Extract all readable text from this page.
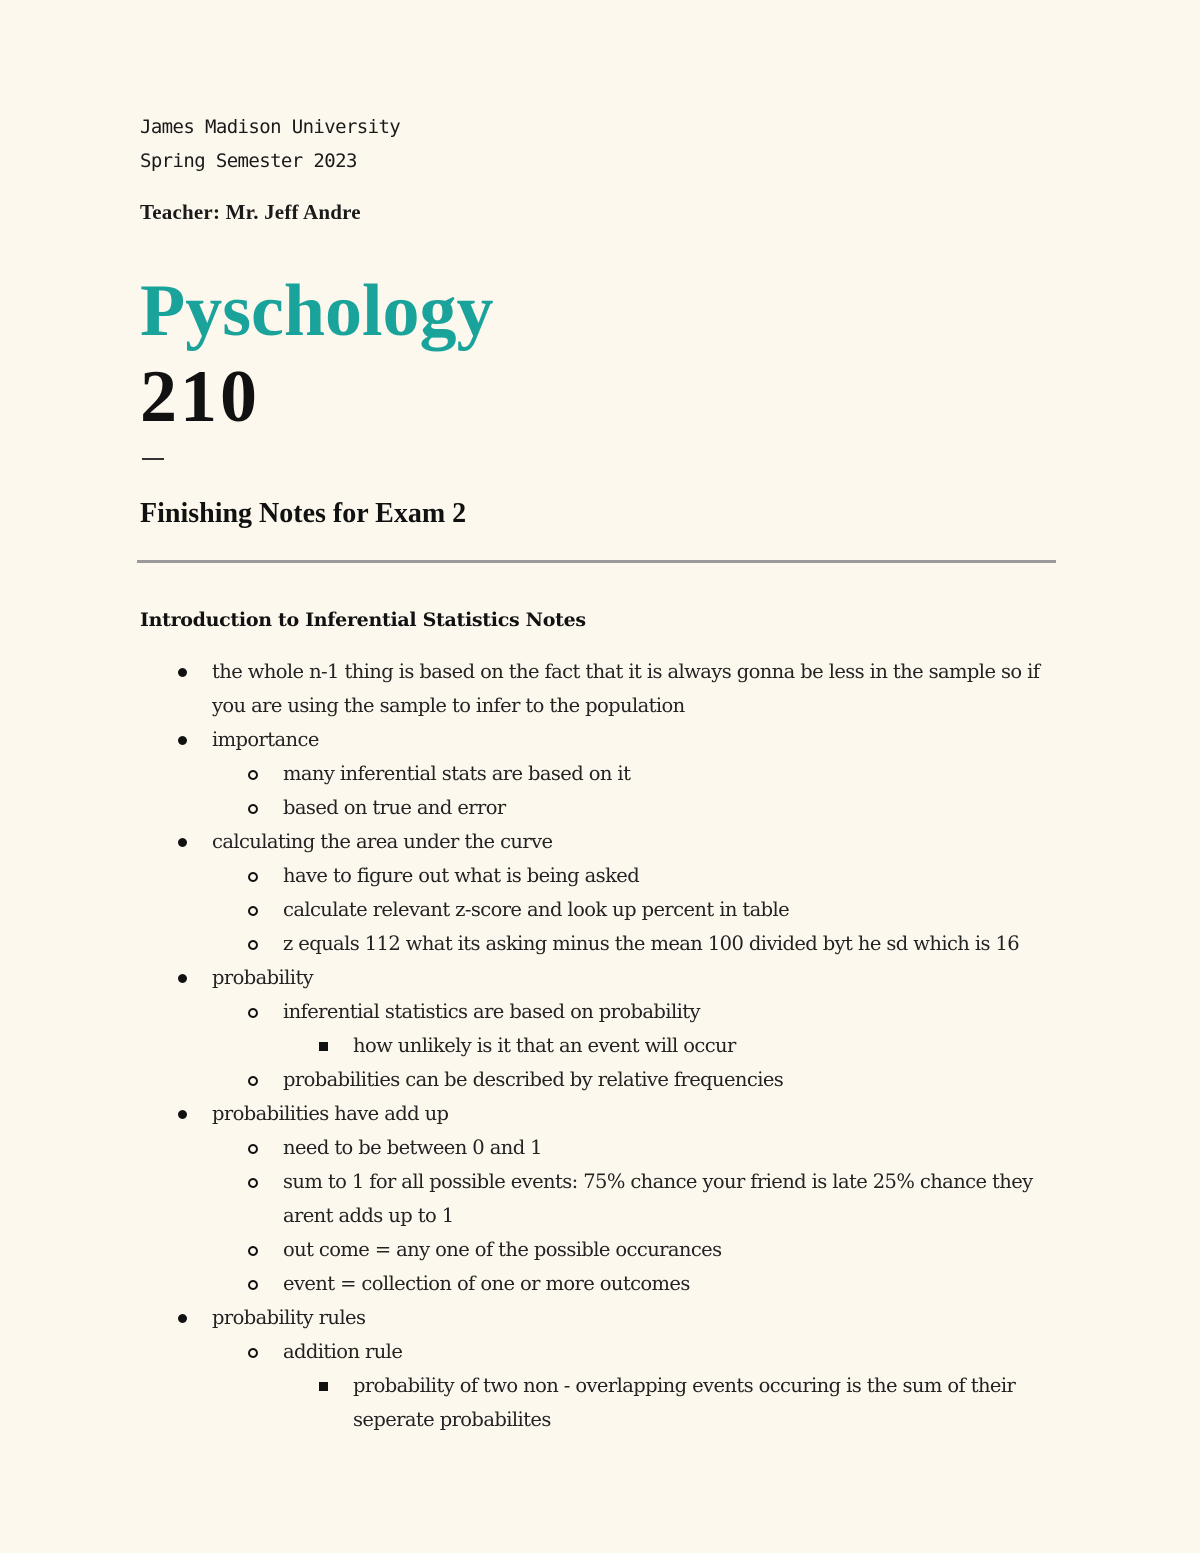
James Madison University
Spring Semester 2023
Teacher: Mr. Jeff Andre
Pyschology
210
Finishing Notes for Exam 2
Introduction to Inferential Statistics Notes
the whole n-1 thing is based on the fact that it is always gonna be less in the sample so if you are using the sample to infer to the population
importance
many inferential stats are based on it
based on true and error
calculating the area under the curve
have to figure out what is being asked
calculate relevant z-score and look up percent in table
z equals 112 what its asking minus the mean 100 divided byt he sd which is 16
probability
inferential statistics are based on probability
how unlikely is it that an event will occur
probabilities can be described by relative frequencies
probabilities have add up
need to be between 0 and 1
sum to 1 for all possible events: 75% chance your friend is late 25% chance they arent adds up to 1
out come = any one of the possible occurances
event = collection of one or more outcomes
probability rules
addition rule
probability of two non - overlapping events occuring is the sum of their seperate probabilites
